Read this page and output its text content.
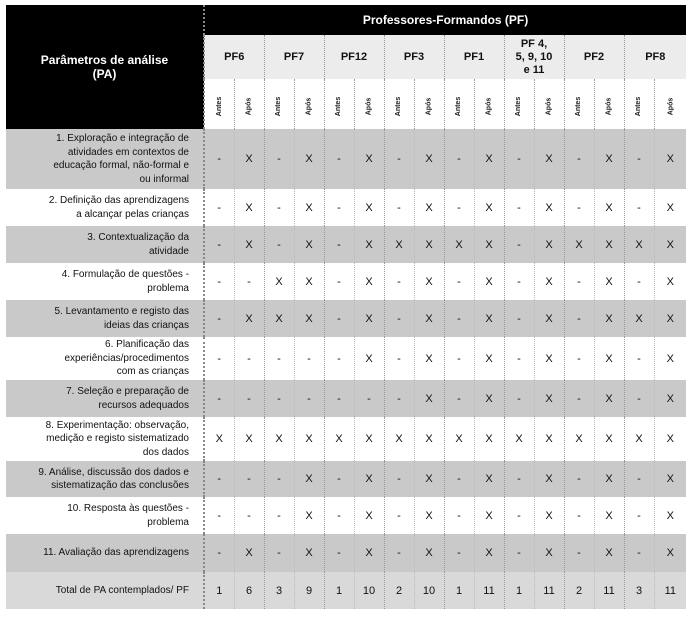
Parâmetros de análise
(PA)	Professores-Formandos (PF)															

	PF6		PF7		PF12		PF3		PF1		PF 4,
5, 9, 10
e 11		PF2		PF8	

	Antes	Após	Antes	Após	Antes	Após	Antes	Após	Antes	Após	Antes	Após	Antes	Após	Antes	Após

1. Exploração e integração de
atividades em contextos de
educação formal, não-formal e
ou informal	-	X	-	X	-	X	-	X	-	X	-	X	-	X	-	X

2. Definição das aprendizagens
a alcançar pelas crianças	-	X	-	X	-	X	-	X	-	X	-	X	-	X	-	X

3. Contextualização da
atividade	-	X	-	X	-	X	X	X	X	X	-	X	X	X	X	X

4. Formulação de questões -
problema	-	-	X	X	-	X	-	X	-	X	-	X	-	X	-	X

5. Levantamento e registo das
ideias das crianças	-	X	X	X	-	X	-	X	-	X	-	X	-	X	X	X

6. Planificação das
experiências/procedimentos
com as crianças	-	-	-	-	-	X	-	X	-	X	-	X	-	X	-	X

7. Seleção e preparação de
recursos adequados	-	-	-	-	-	-	-	X	-	X	-	X	-	X	-	X

8. Experimentação: observação,
medição e registo sistematizado
dos dados	X	X	X	X	X	X	X	X	X	X	X	X	X	X	X	X

9. Análise, discussão dos dados e
sistematização das conclusões	-	-	-	X	-	X	-	X	-	X	-	X	-	X	-	X

10. Resposta às questões -
problema	-	-	-	X	-	X	-	X	-	X	-	X	-	X	-	X

11. Avaliação das aprendizagens	-	X	-	X	-	X	-	X	-	X	-	X	-	X	-	X
Total de PA contemplados/ PF	1	6	3	9	1	10	2	10	1	11	1	11	2	11	3	11
